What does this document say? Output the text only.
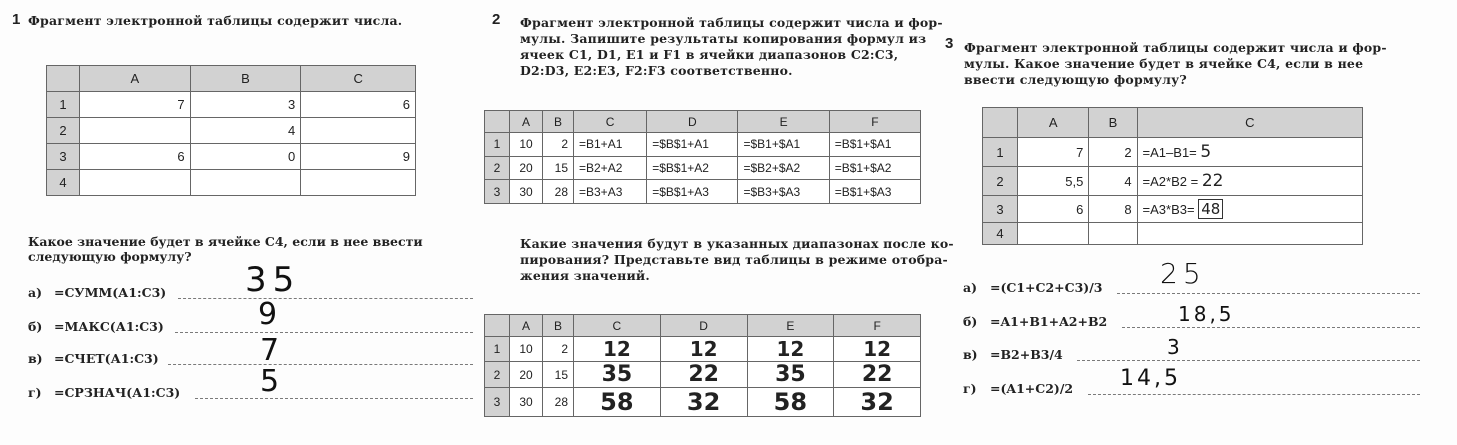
1 Фрагмент электронной таблицы содержит числа.
	A	B	C
1	7	3	6
2		4	
3	6	0	9
4			
Какое значение будет в ячейке С4, если в нее ввести
следующую формулу?
а) =СУММ(А1:С3) 35
б) =МАКС(А1:С3)	9
в) =СЧЕТ(А1:С3)	7
г) =СРЗНАЧ(А1:С3)	5
2 Фрагмент электронной таблицы содержит числа и фор-
мулы. Запишите результаты копирования формул из
ячеек С1, D1, E1 и F1 в ячейки диапазонов С2:С3,
D2:D3, E2:E3, F2:F3 соответственно.
	A	B	C	D	E	F
1	10	2	=B1+A1	=$B$1+A1	=$B1+$A1	=B$1+$A1
2	20	15	=B2+A2	=$B$1+A2	=$B2+$A2	=B$1+$A2
3	30	28	=B3+A3	=$B$1+A3	=$B3+$A3	=B$1+$A3
Какие значения будут в указанных диапазонах после ко-
пирования? Представьте вид таблицы в режиме отобра-
жения значений.
	A	B	C	D	E	F
1	10	2	12	12	12	12
2	20	15	35	22	35	22
3	30	28	58	32	58	32
3 Фрагмент электронной таблицы содержит числа и фор-
мулы. Какое значение будет в ячейке С4, если в нее
ввести следующую формулу?
	A	B	C
1	7	2	=A1–B1= 5
2	5,5	4	=A2*B2 = 22
3	6	8	=A3*B3= 48
4			
а) =(C1+C2+C3)/3 25
б) =A1+B1+A2+B2	18,5
в) =B2+B3/4	3
г) =(A1+C2)/2 14,5
